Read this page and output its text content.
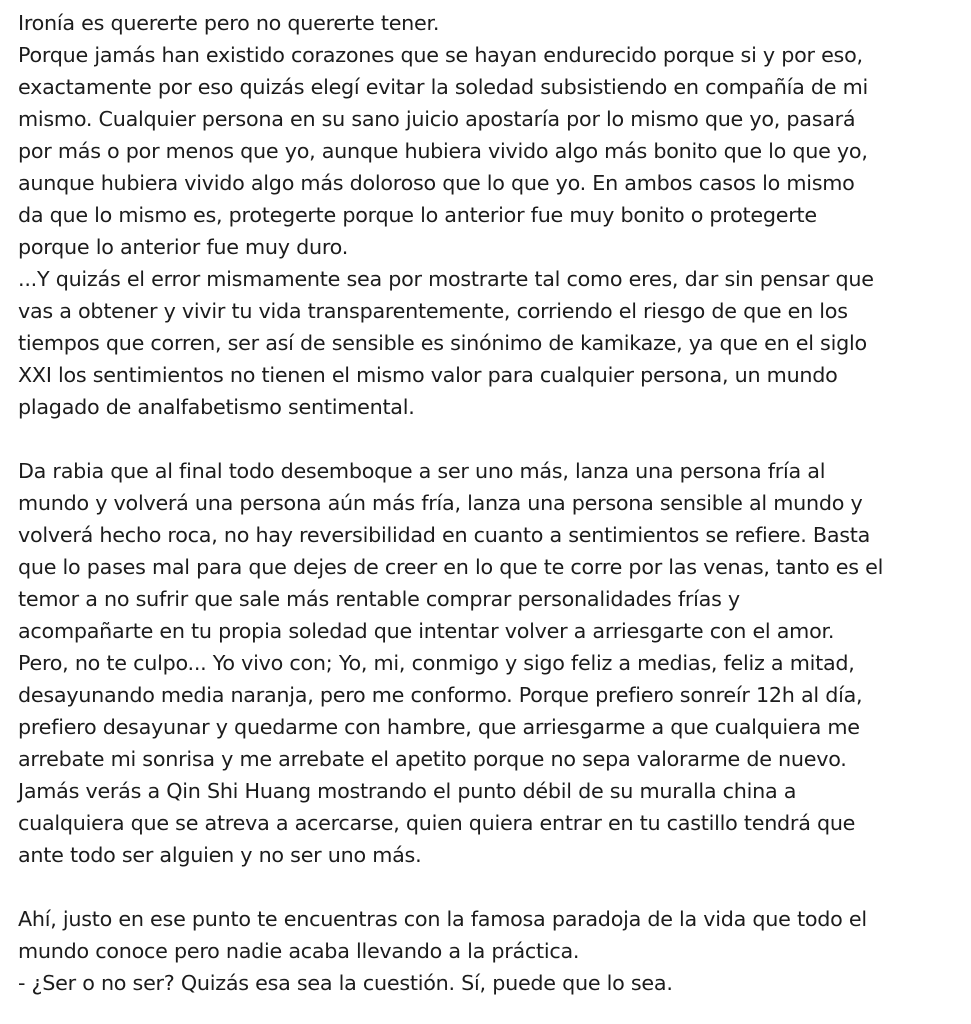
Ironía es quererte pero no quererte tener.
Porque jamás han existido corazones que se hayan endurecido porque si y por eso,
exactamente por eso quizás elegí evitar la soledad subsistiendo en compañía de mi
mismo. Cualquier persona en su sano juicio apostaría por lo mismo que yo, pasará
por más o por menos que yo, aunque hubiera vivido algo más bonito que lo que yo,
aunque hubiera vivido algo más doloroso que lo que yo. En ambos casos lo mismo
da que lo mismo es, protegerte porque lo anterior fue muy bonito o protegerte
porque lo anterior fue muy duro.
...Y quizás el error mismamente sea por mostrarte tal como eres, dar sin pensar que
vas a obtener y vivir tu vida transparentemente, corriendo el riesgo de que en los
tiempos que corren, ser así de sensible es sinónimo de kamikaze, ya que en el siglo
XXI los sentimientos no tienen el mismo valor para cualquier persona, un mundo
plagado de analfabetismo sentimental.
Da rabia que al final todo desemboque a ser uno más, lanza una persona fría al
mundo y volverá una persona aún más fría, lanza una persona sensible al mundo y
volverá hecho roca, no hay reversibilidad en cuanto a sentimientos se refiere. Basta
que lo pases mal para que dejes de creer en lo que te corre por las venas, tanto es el
temor a no sufrir que sale más rentable comprar personalidades frías y
acompañarte en tu propia soledad que intentar volver a arriesgarte con el amor.
Pero, no te culpo... Yo vivo con; Yo, mi, conmigo y sigo feliz a medias, feliz a mitad,
desayunando media naranja, pero me conformo. Porque prefiero sonreír 12h al día,
prefiero desayunar y quedarme con hambre, que arriesgarme a que cualquiera me
arrebate mi sonrisa y me arrebate el apetito porque no sepa valorarme de nuevo.
Jamás verás a Qin Shi Huang mostrando el punto débil de su muralla china a
cualquiera que se atreva a acercarse, quien quiera entrar en tu castillo tendrá que
ante todo ser alguien y no ser uno más.
Ahí, justo en ese punto te encuentras con la famosa paradoja de la vida que todo el
mundo conoce pero nadie acaba llevando a la práctica.
- ¿Ser o no ser? Quizás esa sea la cuestión. Sí, puede que lo sea.
